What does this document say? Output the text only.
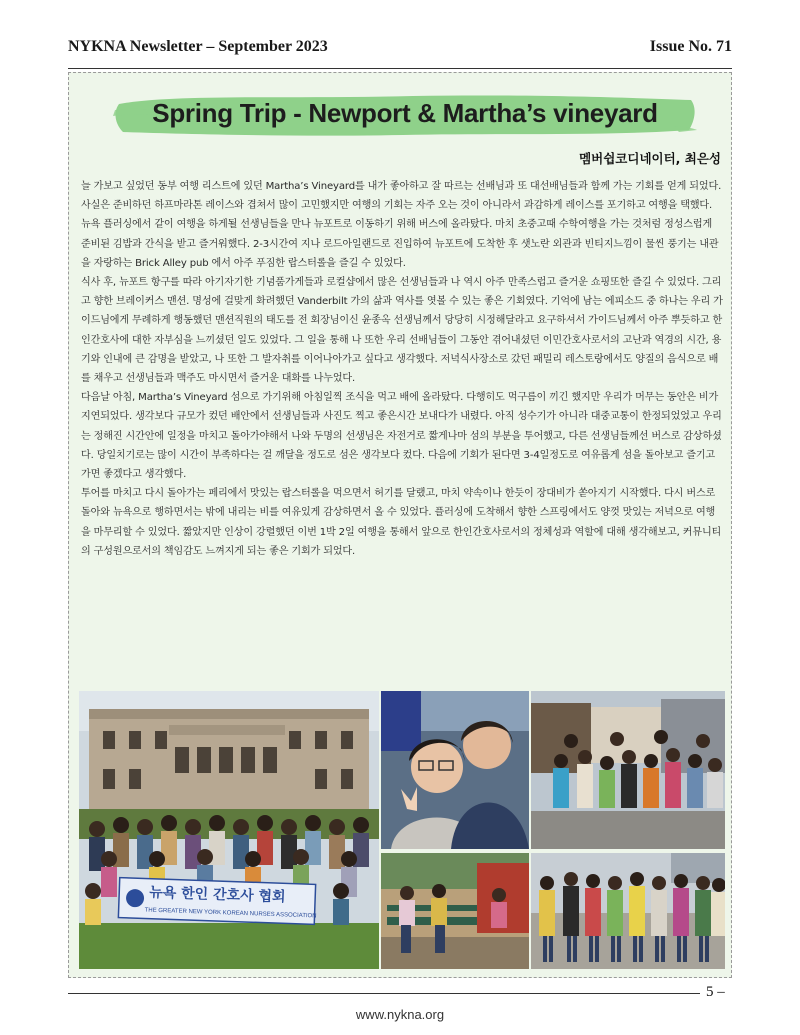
NYKNA Newsletter – September 2023	Issue No. 71
Spring Trip - Newport & Martha’s vineyard
멤버쉽코디네이터, 최은성

늘 가보고 싶었던 동부 여행 리스트에 있던 Martha’s Vineyard를 내가 좋아하고 잘 따르는 선배님과 또 대선배님들과 함께 가는 기회를 얻게 되었다. 사실은 준비하던 하프마라톤 레이스와 겹쳐서 많이 고민했지만 여행의 기회는 자주 오는 것이 아니라서 과감하게 레이스를 포기하고 여행을 택했다.

뉴욕 플러싱에서 같이 여행을 하게될 선생님들을 만나 뉴포트로 이동하기 위해 버스에 올라탔다. 마치 초중고때 수학여행을 가는 것처럼 정성스럽게 준비된 김밥과 간식을 받고 즐거워했다. 2-3시간여 지나 로드아일랜드로 진입하여 뉴포트에 도착한 후 샛노란 외관과 빈티지느낌이 물씬 풍기는 내관을 자랑하는 Brick Alley pub 에서 아주 푸짐한 랍스터롤을 즐길 수 있었다.

식사 후, 뉴포트 항구를 따라 아기자기한 기념품가게들과 로컬샵에서 많은 선생님들과 나 역시 아주 만족스럽고 즐거운 쇼핑또한 즐길 수 있었다. 그리고 향한 브레이커스 맨션. 명성에 걸맞게 화려했던 Vanderbilt 가의 삶과 역사를 엿볼 수 있는 좋은 기회였다. 기억에 남는 에피소드 중 하나는 우리 가이드님에게 무례하게 행동했던 맨션직원의 태도를 전 회장님이신 윤종옥 선생님께서 당당히 시정해달라고 요구하셔서 가이드님께서 아주 뿌듯하고 한인간호사에 대한 자부심을 느끼셨던 일도 있었다. 그 일을 통해 나 또한 우리 선배님들이 그동안 겪어내셨던 이민간호사로서의 고난과 역경의 시간, 용기와 인내에 큰 감명을 받았고, 나 또한 그 발자취를 이어나아가고 싶다고 생각했다. 저녁식사장소로 갔던 패밀리 레스토랑에서도 양질의 음식으로 배를 채우고 선생님들과 맥주도 마시면서 즐거운 대화를 나누었다.

다음날 아침, Martha’s Vineyard 섬으로 가기위해 아침일찍 조식을 먹고 배에 올라탔다. 다행히도 먹구름이 끼긴 했지만 우리가 머무는 동안은 비가 지연되었다. 생각보다 규모가 컸던 배안에서 선생님들과 사진도 찍고 좋은시간 보내다가 내렸다. 아직 성수기가 아니라 대중교통이 한정되었었고 우리는 정해진 시간안에 일정을 마치고 돌아가야해서 나와 두명의 선생님은 자전거로 짧게나마 섬의 부분을 투어했고, 다른 선생님들께선 버스로 감상하셨다. 당일치기로는 많이 시간이 부족하다는 걸 깨달을 정도로 섬은 생각보다 컸다. 다음에 기회가 된다면 3-4일정도로 여유롭게 섬을 돌아보고 즐기고 가면 좋겠다고 생각했다.

투어를 마치고 다시 돌아가는 페리에서 맛있는 랍스터롤을 먹으면서 허기를 달랬고, 마치 약속이나 한듯이 장대비가 쏟아지기 시작했다. 다시 버스로 돌아와 뉴욕으로 행하면서는 밖에 내리는 비를 여유있게 감상하면서 올 수 있었다. 플러싱에 도착해서 향한 스프링에서도 양껏 맛있는 저녁으로 여행을 마무리할 수 있었다. 짧았지만 인상이 강렬했던 이번 1박 2일 여행을 통해서 앞으로 한인간호사로서의 정체성과 역할에 대해 생각해보고, 커뮤니티의 구성원으로서의 책임감도 느껴지게 되는 좋은 기회가 되었다.

뉴욕 한인 간호사 협회
THE GREATER NEW YORK KOREAN NURSES ASSOCIATION
5 –
www.nykna.org
